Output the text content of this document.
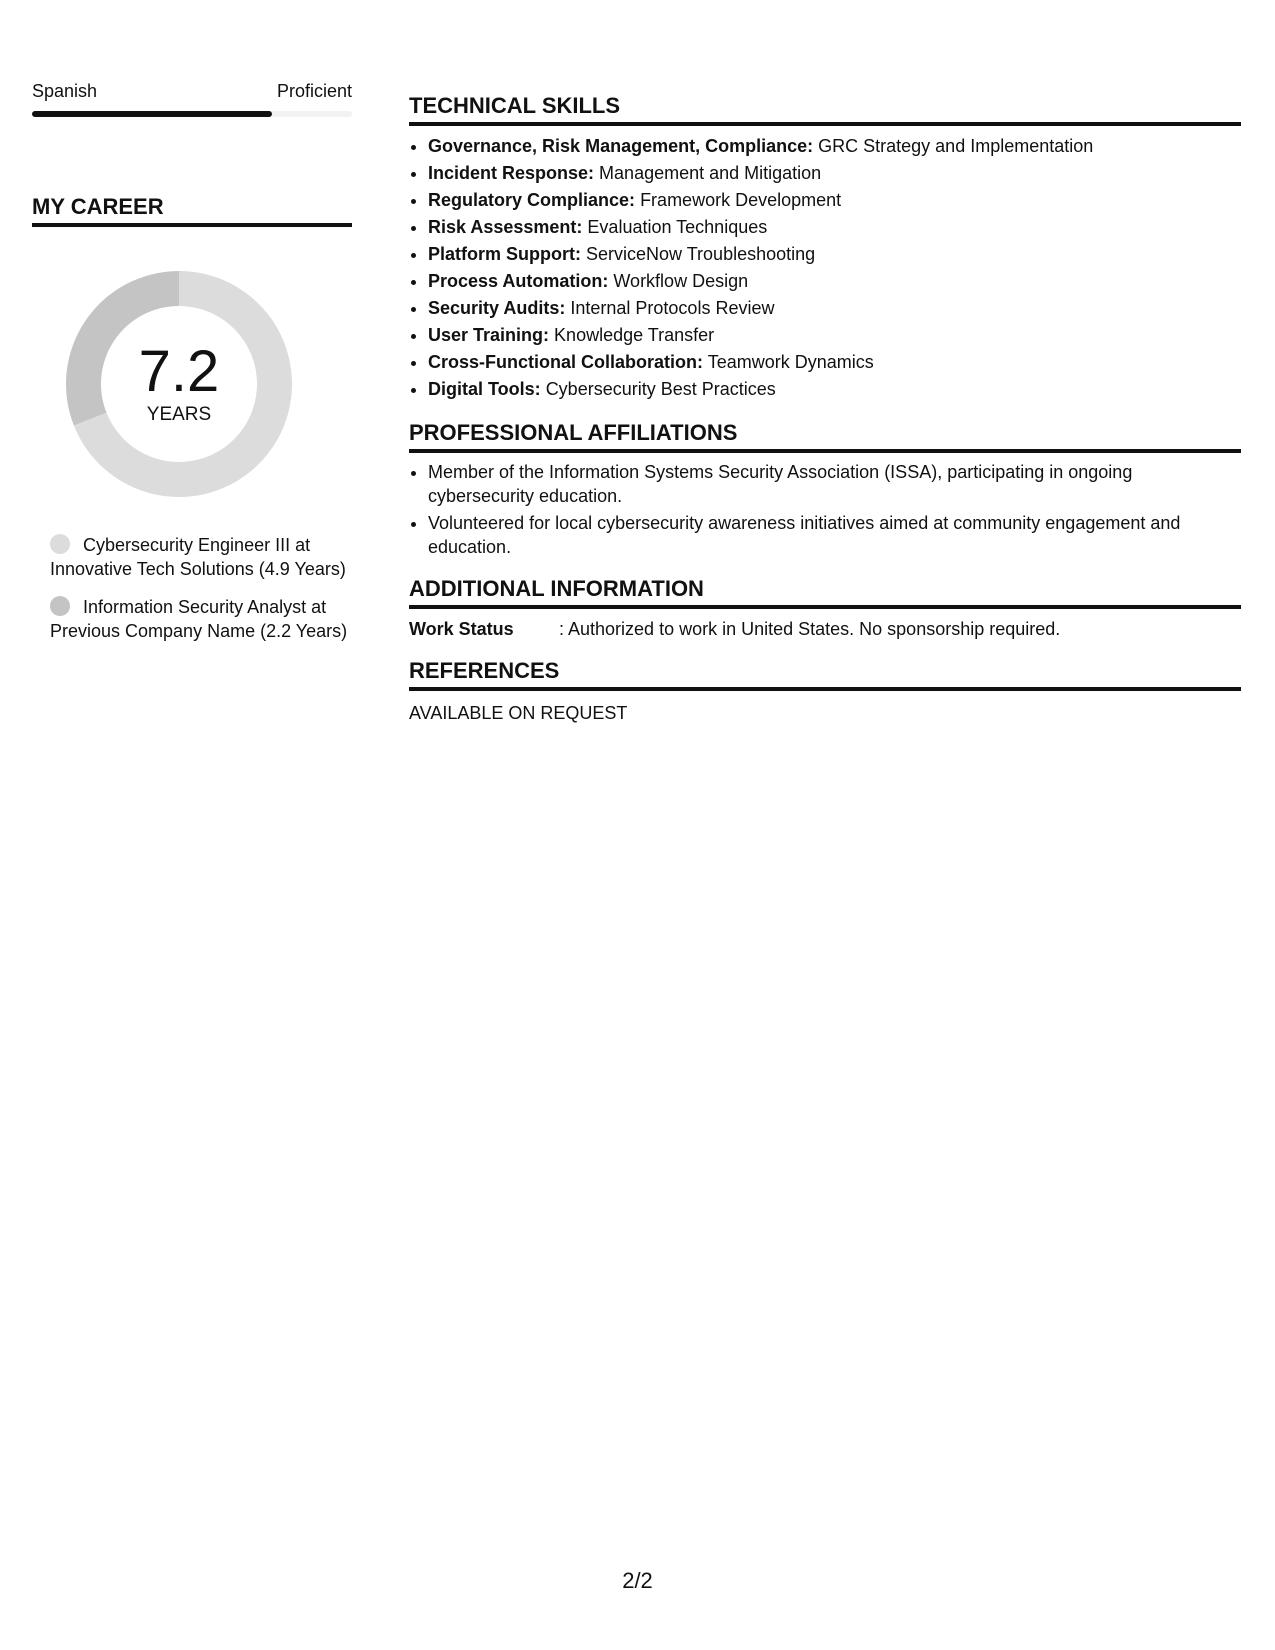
Spanish	Proficient
MY CAREER
7.2
YEARS
Cybersecurity Engineer III at Innovative Tech Solutions (4.9 Years)
Information Security Analyst at Previous Company Name (2.2 Years)
TECHNICAL SKILLS
• Governance, Risk Management, Compliance: GRC Strategy and Implementation
• Incident Response: Management and Mitigation
• Regulatory Compliance: Framework Development
• Risk Assessment: Evaluation Techniques
• Platform Support: ServiceNow Troubleshooting
• Process Automation: Workflow Design
• Security Audits: Internal Protocols Review
• User Training: Knowledge Transfer
• Cross-Functional Collaboration: Teamwork Dynamics
• Digital Tools: Cybersecurity Best Practices
PROFESSIONAL AFFILIATIONS
• Member of the Information Systems Security Association (ISSA), participating in ongoing cybersecurity education.
• Volunteered for local cybersecurity awareness initiatives aimed at community engagement and education.
ADDITIONAL INFORMATION
Work Status	: Authorized to work in United States. No sponsorship required.
REFERENCES
AVAILABLE ON REQUEST
2/2
